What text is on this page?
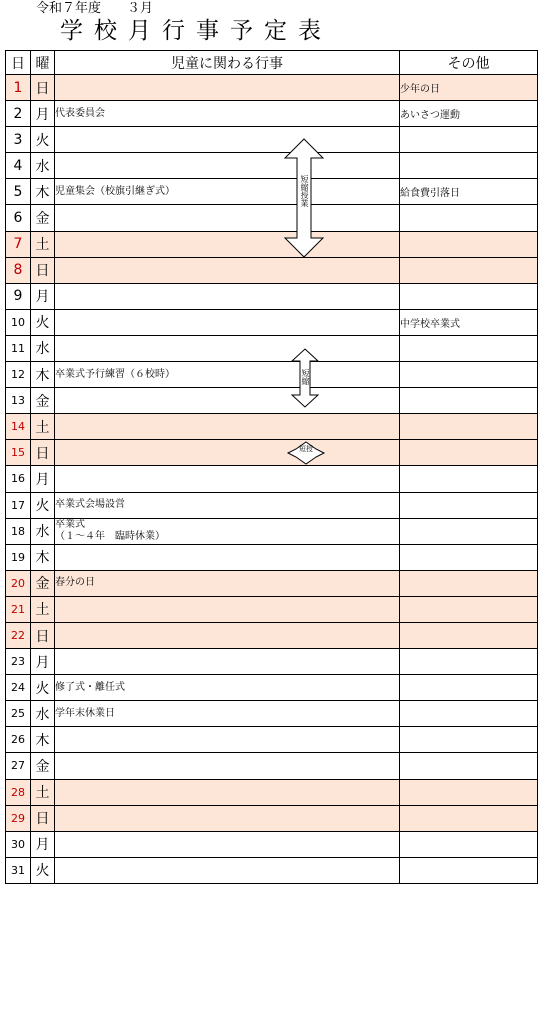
令和７年度　　３月
学校月行事予定表
日	曜	児童に関わる行事	その他
1	日		少年の日
2	月	代表委員会	あいさつ運動
3	火		
4	水		
5	木	児童集会（校旗引継ぎ式）	給食費引落日
6	金		
7	土		
8	日		
9	月		
10	火		中学校卒業式
11	水		
12	木	卒業式予行練習（６校時）	
13	金		
14	土		
15	日		
16	月		
17	火	卒業式会場設営	
18	水	卒業式
（１～４年　臨時休業）	
19	木		
20	金	春分の日	
21	土		
22	日		
23	月		
24	火	修了式・離任式	
25	水	学年末休業日	
26	木		
27	金		
28	土		
29	日		
30	月		
31	火		
短縮授業
短縮
短授
